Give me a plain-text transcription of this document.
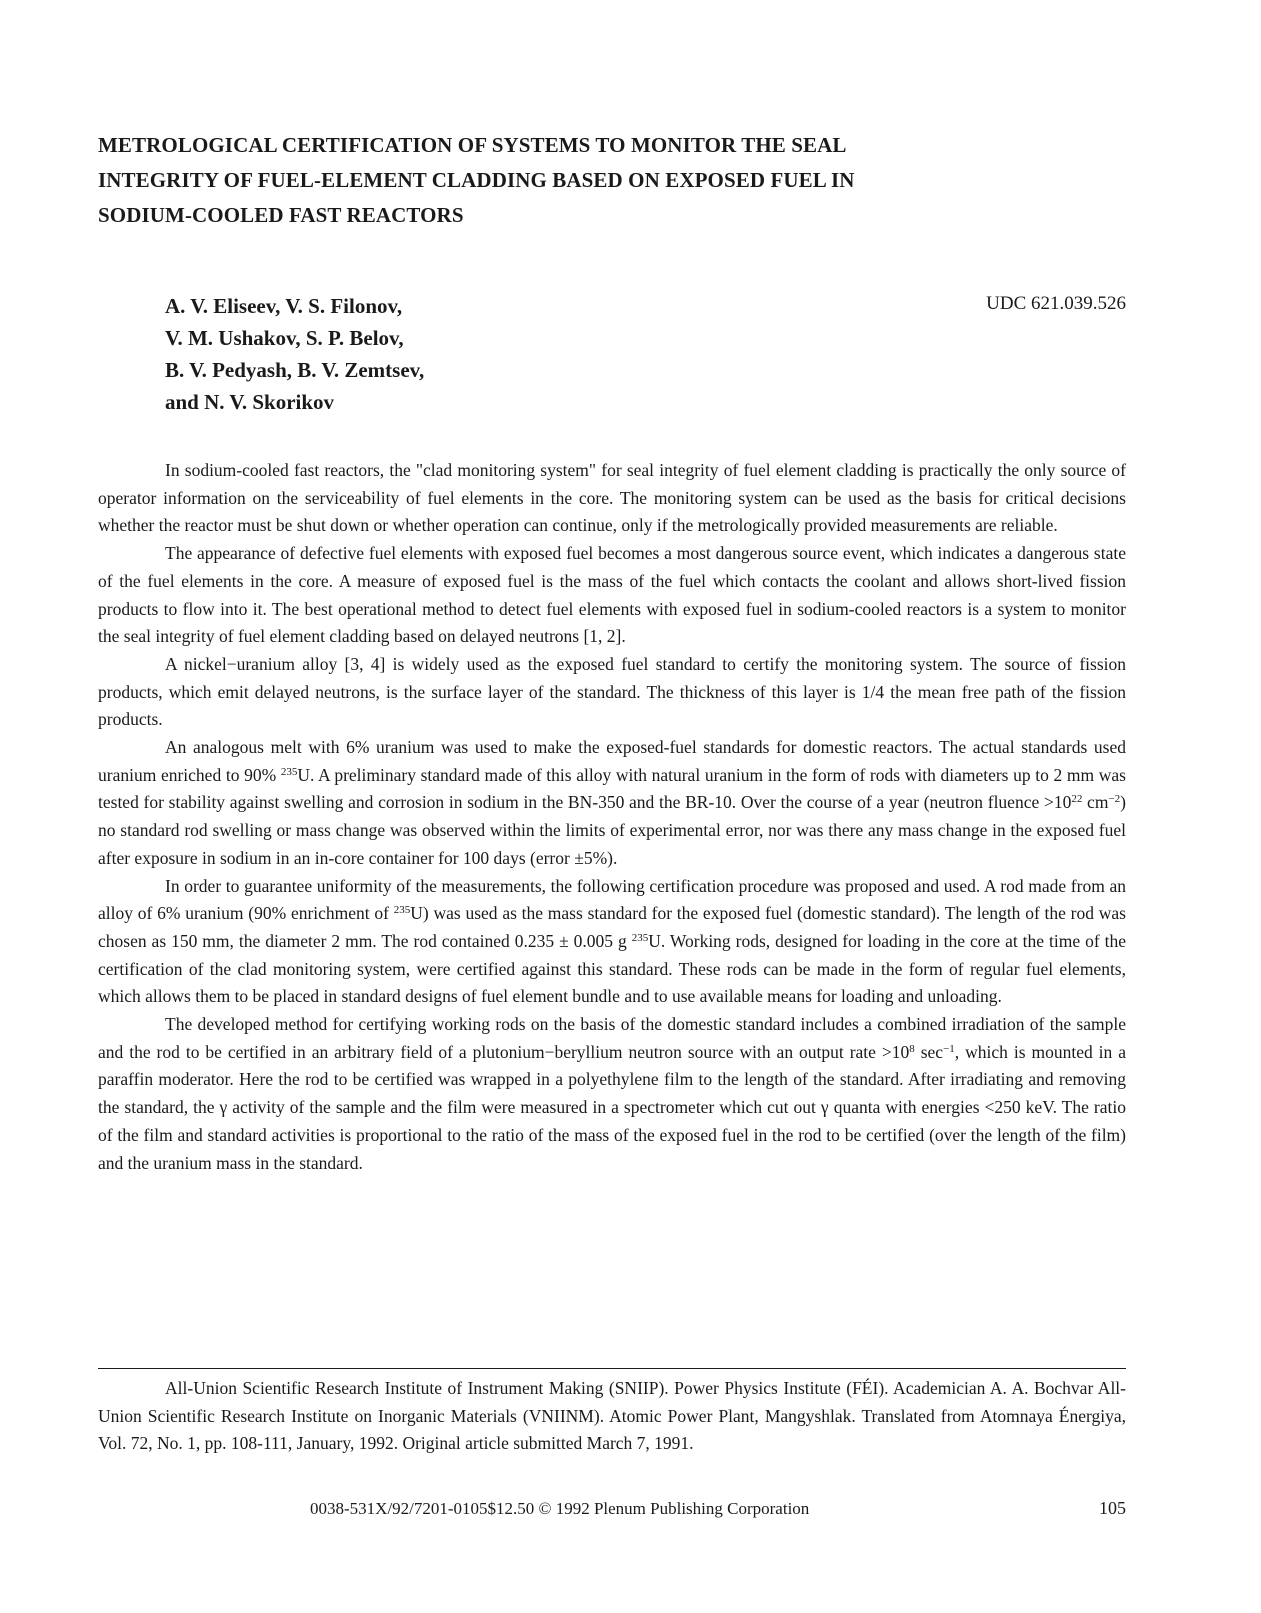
METROLOGICAL CERTIFICATION OF SYSTEMS TO MONITOR THE SEAL
INTEGRITY OF FUEL-ELEMENT CLADDING BASED ON EXPOSED FUEL IN
SODIUM-COOLED FAST REACTORS
A. V. Eliseev, V. S. Filonov,
V. M. Ushakov, S. P. Belov,
B. V. Pedyash, B. V. Zemtsev,
and N. V. Skorikov
UDC 621.039.526

In sodium-cooled fast reactors, the "clad monitoring system" for seal integrity of fuel element cladding is practically the only source of operator information on the serviceability of fuel elements in the core. The monitoring system can be used as the basis for critical decisions whether the reactor must be shut down or whether operation can continue, only if the metrologically provided measurements are reliable.

The appearance of defective fuel elements with exposed fuel becomes a most dangerous source event, which indicates a dangerous state of the fuel elements in the core. A measure of exposed fuel is the mass of the fuel which contacts the coolant and allows short-lived fission products to flow into it. The best operational method to detect fuel elements with exposed fuel in sodium-cooled reactors is a system to monitor the seal integrity of fuel element cladding based on delayed neutrons [1, 2].

A nickel−uranium alloy [3, 4] is widely used as the exposed fuel standard to certify the monitoring system. The source of fission products, which emit delayed neutrons, is the surface layer of the standard. The thickness of this layer is 1/4 the mean free path of the fission products.

An analogous melt with 6% uranium was used to make the exposed-fuel standards for domestic reactors. The actual standards used uranium enriched to 90% $^{235}$U. A preliminary standard made of this alloy with natural uranium in the form of rods with diameters up to 2 mm was tested for stability against swelling and corrosion in sodium in the BN-350 and the BR-10. Over the course of a year (neutron fluence $>10^{22}$ $cm^{-2}$) no standard rod swelling or mass change was observed within the limits of experimental error, nor was there any mass change in the exposed fuel after exposure in sodium in an in-core container for 100 days (error ±5%).

In order to guarantee uniformity of the measurements, the following certification procedure was proposed and used. A rod made from an alloy of 6% uranium (90% enrichment of $^{235}$U) was used as the mass standard for the exposed fuel (domestic standard). The length of the rod was chosen as 150 mm, the diameter 2 mm. The rod contained 0.235 ± 0.005 g $^{235}$U. Working rods, designed for loading in the core at the time of the certification of the clad monitoring system, were certified against this standard. These rods can be made in the form of regular fuel elements, which allows them to be placed in standard designs of fuel element bundle and to use available means for loading and unloading.

The developed method for certifying working rods on the basis of the domestic standard includes a combined irradiation of the sample and the rod to be certified in an arbitrary field of a plutonium−beryllium neutron source with an output rate $>10^8$ $\sec^{-1}$, which is mounted in a paraffin moderator. Here the rod to be certified was wrapped in a polyethylene film to the length of the standard. After irradiating and removing the standard, the γ activity of the sample and the film were measured in a spectrometer which cut out γ quanta with energies <250 keV. The ratio of the film and standard activities is proportional to the ratio of the mass of the exposed fuel in the rod to be certified (over the length of the film) and the uranium mass in the standard.

All-Union Scientific Research Institute of Instrument Making (SNIIP). Power Physics Institute (FÉI). Academician A. A. Bochvar All-Union Scientific Research Institute on Inorganic Materials (VNIINM). Atomic Power Plant, Mangyshlak. Translated from Atomnaya Énergiya, Vol. 72, No. 1, pp. 108-111, January, 1992. Original article submitted March 7, 1991.

0038-531X/92/7201-0105$12.50 © 1992 Plenum Publishing Corporation	105
